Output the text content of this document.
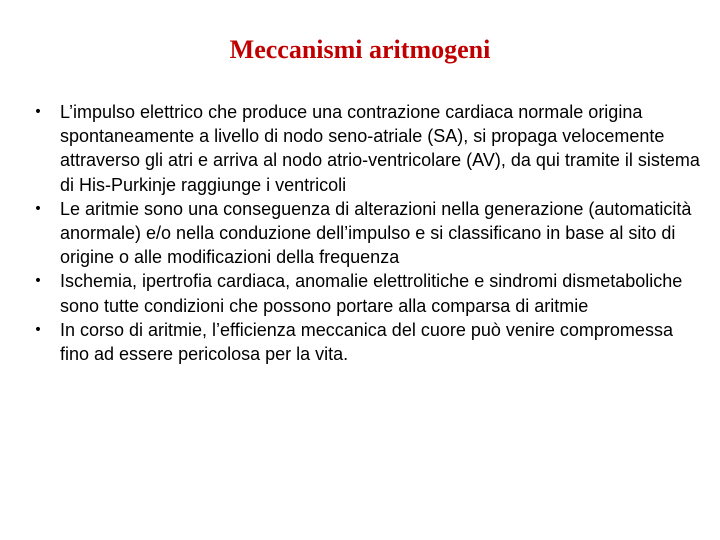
Meccanismi aritmogeni
• L’impulso elettrico che produce una contrazione cardiaca normale origina spontaneamente a livello di nodo seno-atriale (SA), si propaga velocemente attraverso gli atri e arriva al nodo atrio-ventricolare (AV), da qui tramite il sistema di His-Purkinje raggiunge i ventricoli
• Le aritmie sono una conseguenza di alterazioni nella generazione (automaticità anormale) e/o nella conduzione dell’impulso e si classificano in base al sito di origine o alle modificazioni della frequenza
• Ischemia, ipertrofia cardiaca, anomalie elettrolitiche e sindromi dismetaboliche sono tutte condizioni che possono portare alla comparsa di aritmie
• In corso di aritmie, l’efficienza meccanica del cuore può venire compromessa fino ad essere pericolosa per la vita.
